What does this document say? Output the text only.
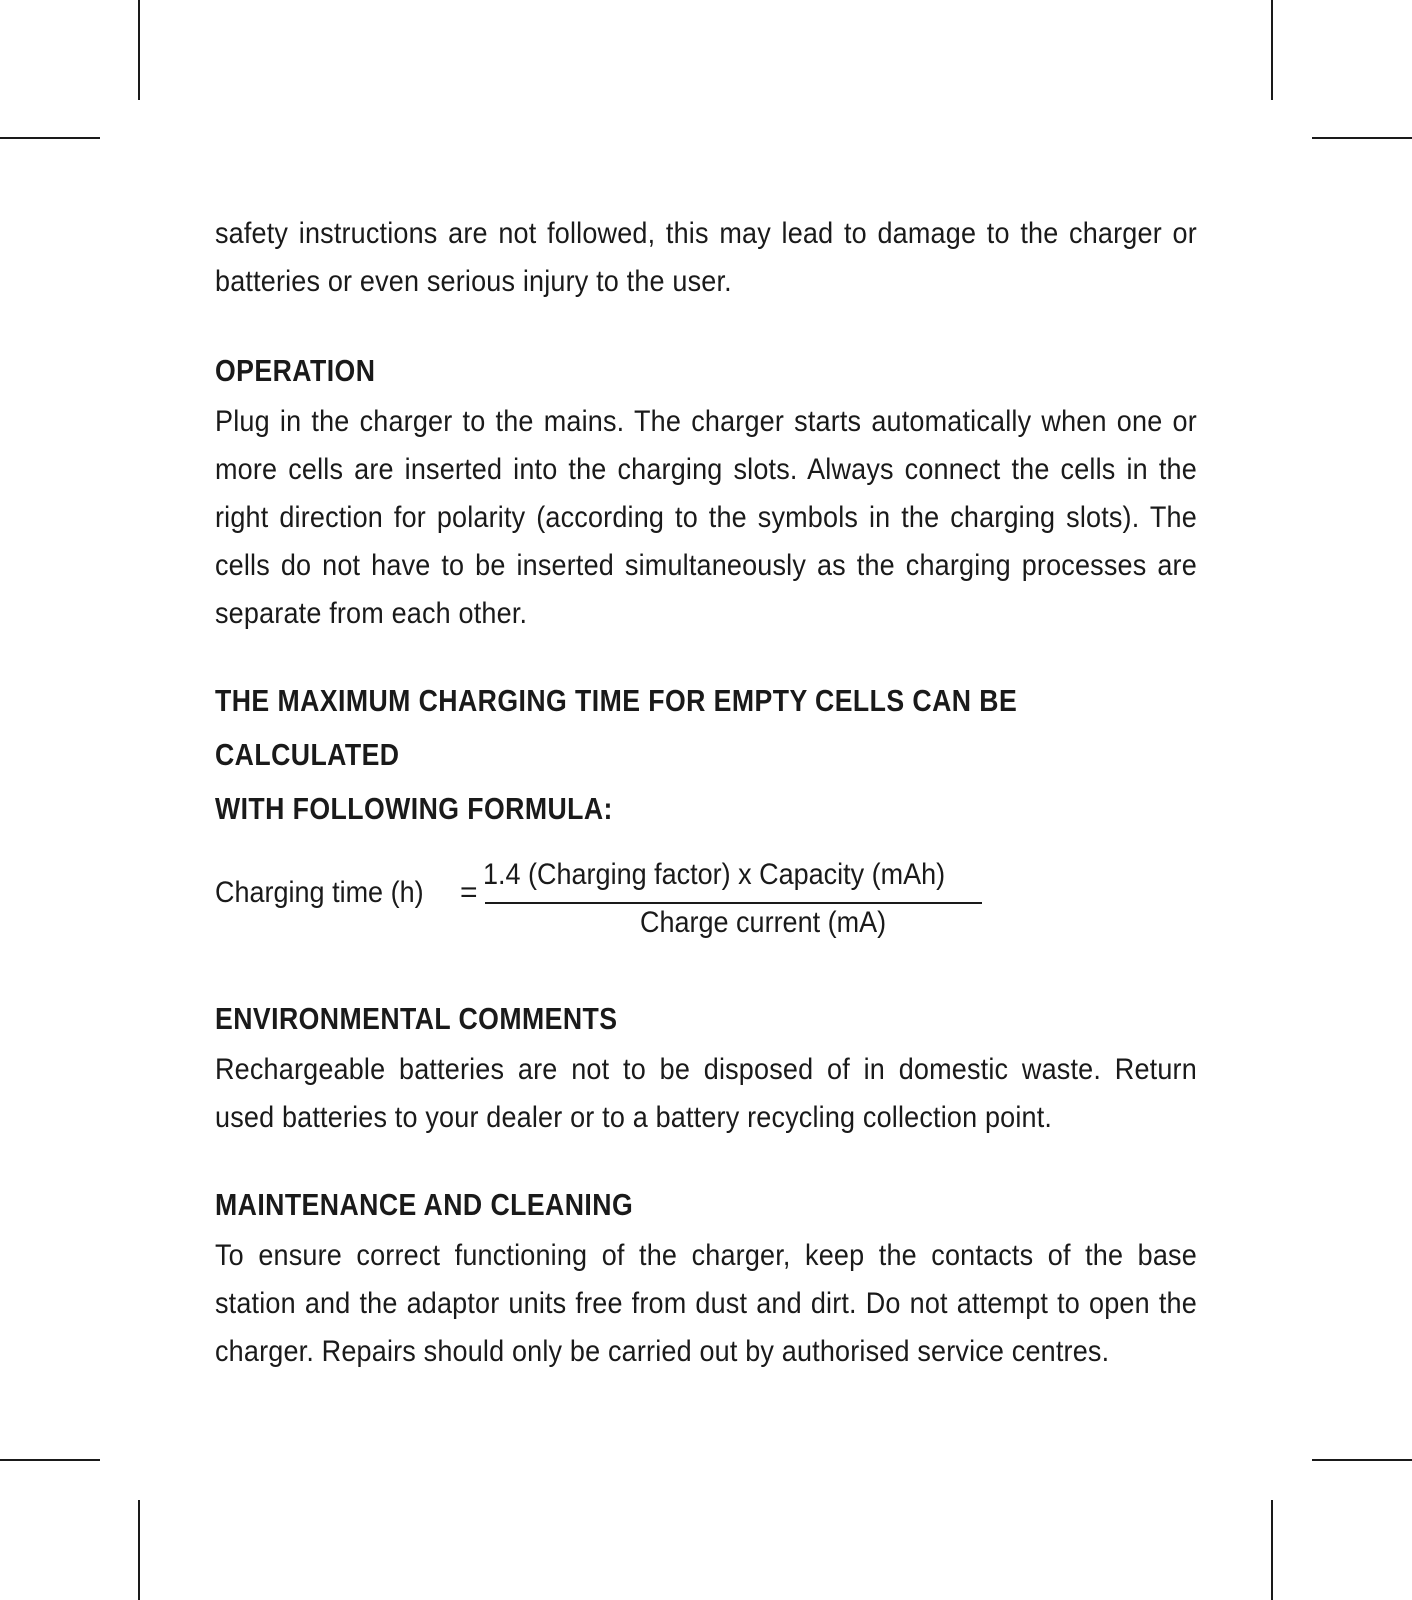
safety instructions are not followed, this may lead to damage to the charger or batteries or even serious injury to the user.

OPERATION

Plug in the charger to the mains. The charger starts automatically when one or more cells are inserted into the charging slots. Always connect the cells in the right direction for polarity (according to the symbols in the charging slots). The cells do not have to be inserted simultaneously as the charging processes are separate from each other.

THE MAXIMUM CHARGING TIME FOR EMPTY CELLS CAN BE CALCULATED
WITH FOLLOWING FORMULA:
Charging time (h) =
1.4 (Charging factor) x Capacity (mAh)
Charge current (mA)
ENVIRONMENTAL COMMENTS

Rechargeable batteries are not to be disposed of in domestic waste. Return used batteries to your dealer or to a battery recycling collection point.

MAINTENANCE AND CLEANING

To ensure correct functioning of the charger, keep the contacts of the base station and the adaptor units free from dust and dirt. Do not attempt to open the charger. Repairs should only be carried out by authorised service centres.
